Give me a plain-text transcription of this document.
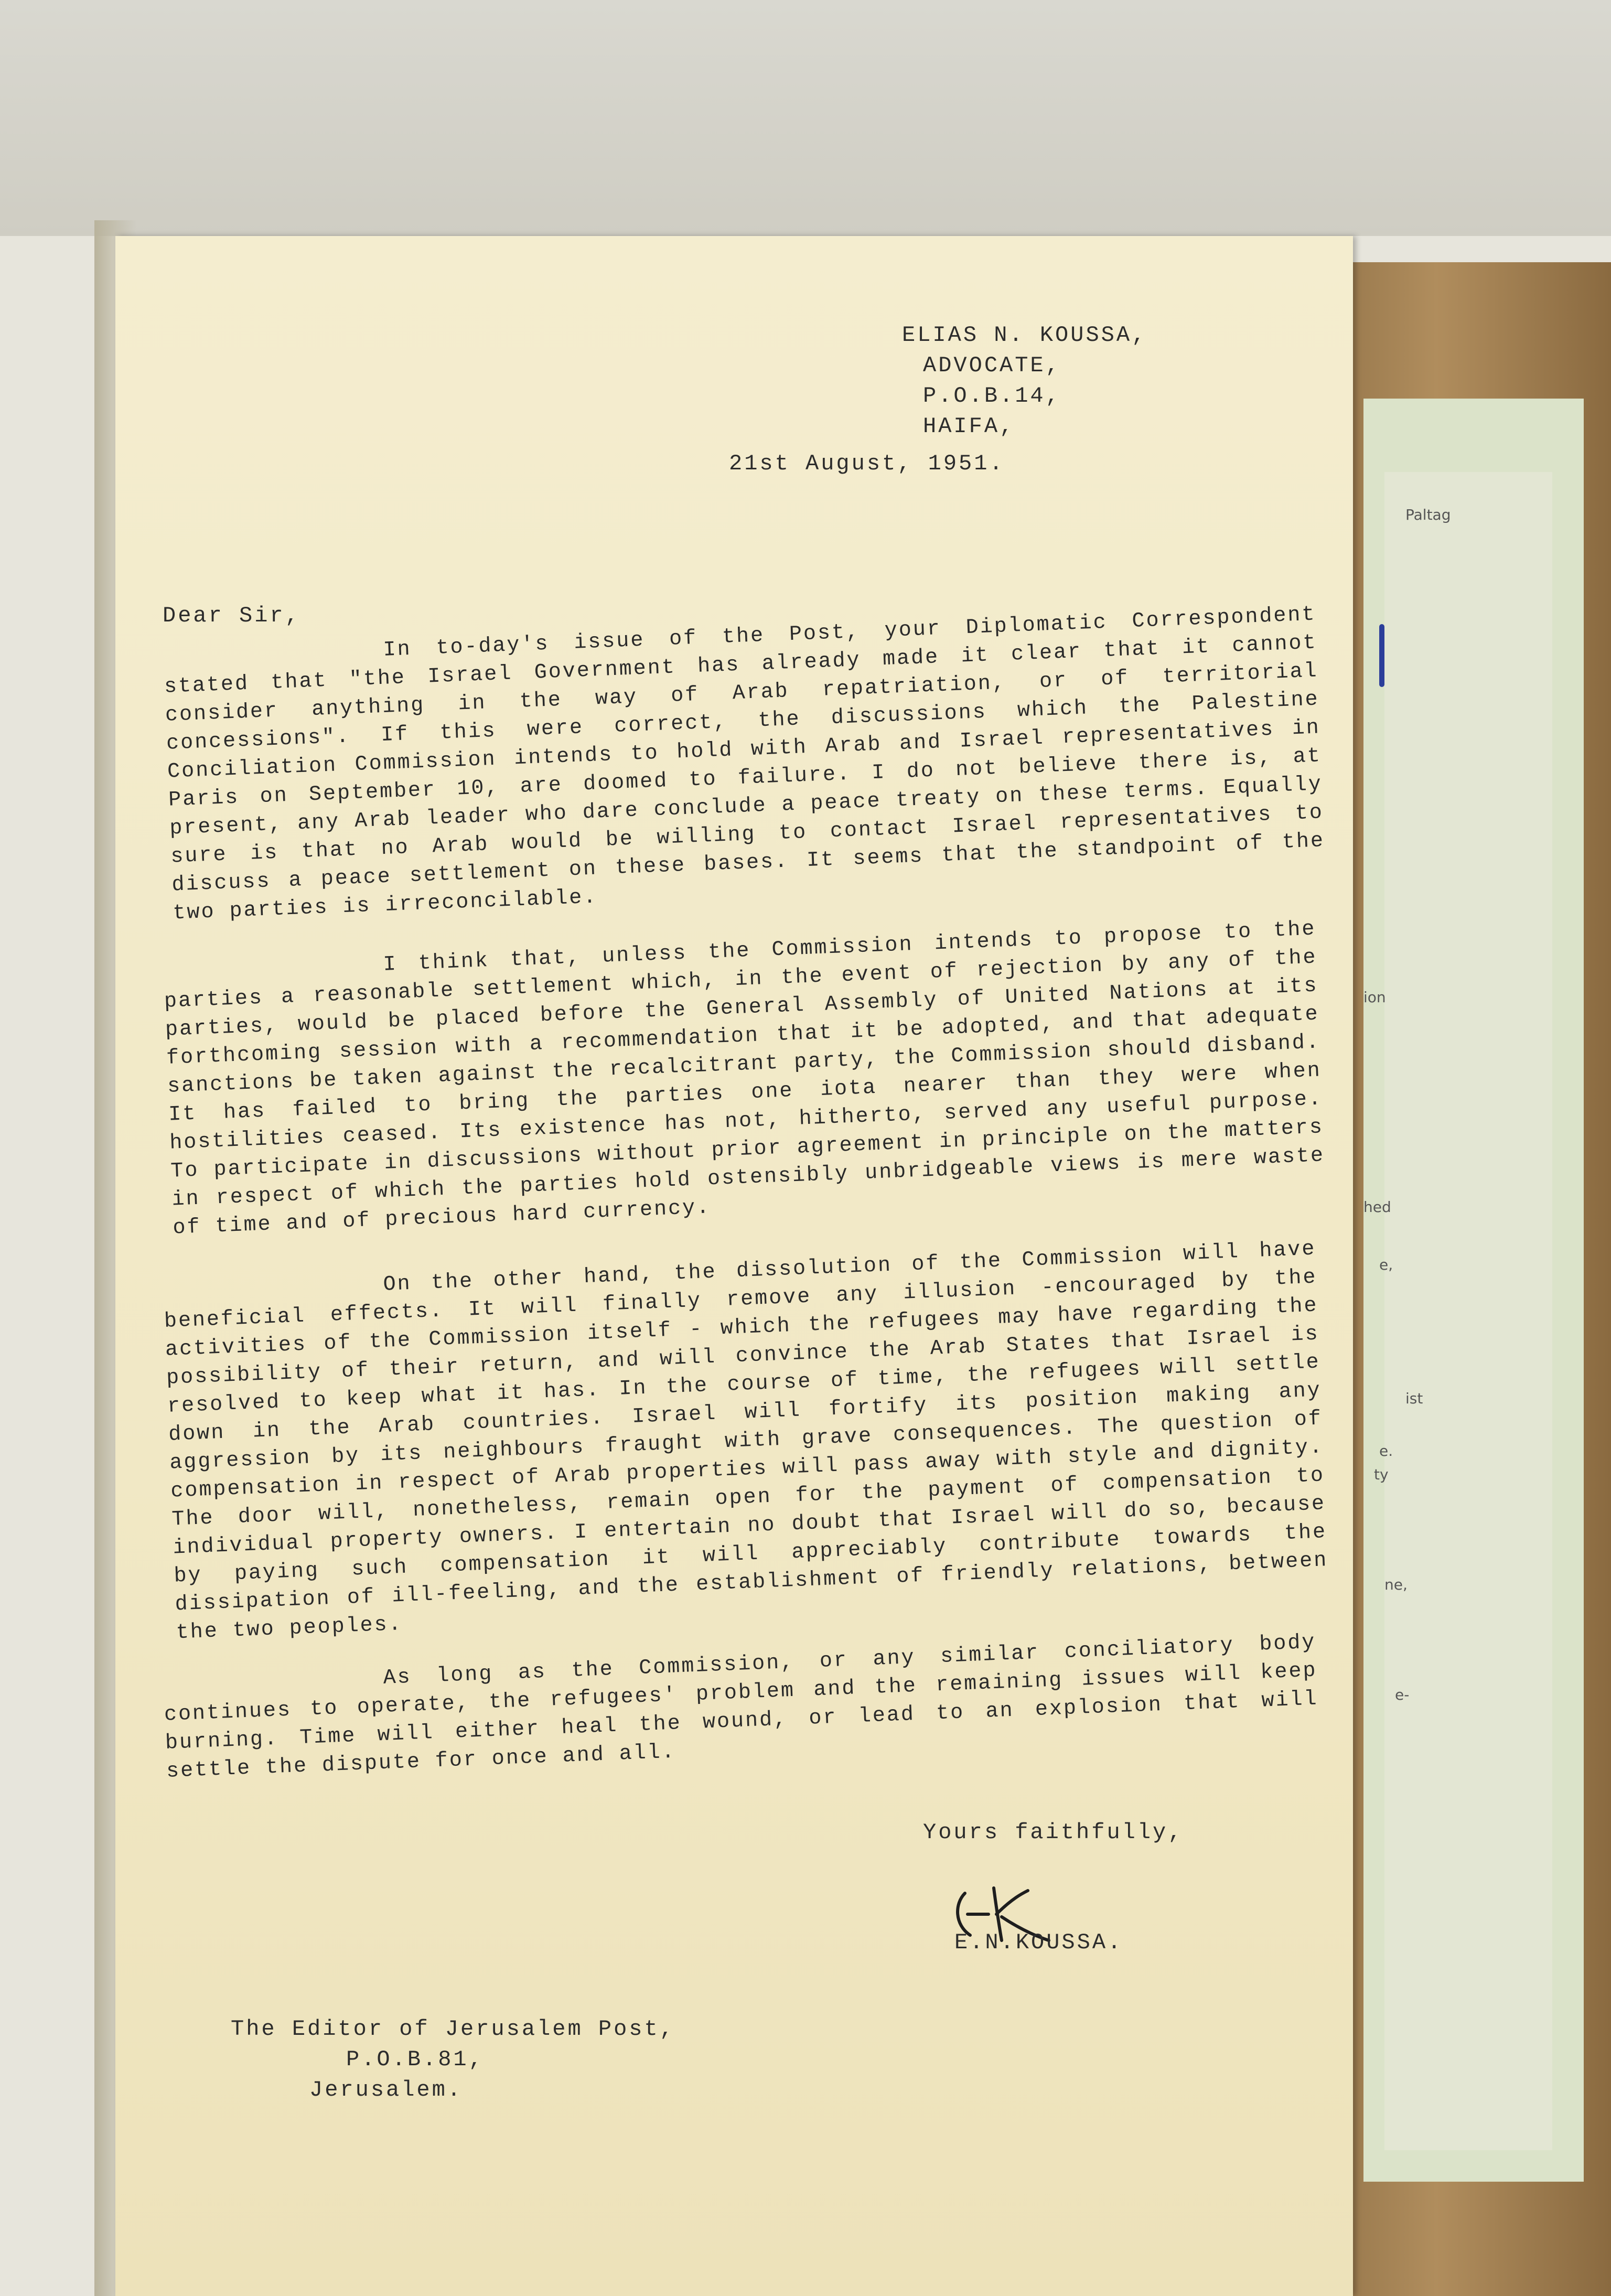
Paltag
ion
hed
e,
ist
e.
ty
ne,
e-
ELIAS N. KOUSSA,
ADVOCATE,
P.O.B.14,
HAIFA,
21st August, 1951.
Dear Sir,	In to-day's issue of the Post, your Diplomatic Correspondent stated that "the Israel Government has already made it clear that it cannot consider anything in the way of Arab repatriation, or of territorial concessions". If this were correct, the discussions which the Palestine Conciliation Commission intends to hold with Arab and Israel representatives in Paris on September 10, are doomed to failure. I do not believe there is, at present, any Arab leader who dare conclude a peace treaty on these terms. Equally sure is that no Arab would be willing to contact Israel representatives to discuss a peace settlement on these bases. It seems that the standpoint of the two parties is irreconcilable.

I think that, unless the Commission intends to propose to the parties a reasonable settlement which, in the event of rejection by any of the parties, would be placed before the General Assembly of United Nations at its forthcoming session with a recommendation that it be adopted, and that adequate sanctions be taken against the recalcitrant party, the Commission should disband. It has failed to bring the parties one iota nearer than they were when hostilities ceased. Its existence has not, hitherto, served any useful purpose. To participate in discussions without prior agreement in principle on the matters in respect of which the parties hold ostensibly unbridgeable views is mere waste of time and of precious hard currency.

On the other hand, the dissolution of the Commission will have beneficial effects. It will finally remove any illusion -encouraged by the activities of the Commission itself - which the refugees may have regarding the possibility of their return, and will convince the Arab States that Israel is resolved to keep what it has. In the course of time, the refugees will settle down in the Arab countries. Israel will fortify its position making any aggression by its neighbours fraught with grave consequences. The question of compensation in respect of Arab properties will pass away with style and dignity. The door will, nonetheless, remain open for the payment of compensation to individual property owners. I entertain no doubt that Israel will do so, because by paying such compensation it will appreciably contribute towards the dissipation of ill-feeling, and the establishment of friendly relations, between the two peoples.

As long as the Commission, or any similar conciliatory body continues to operate, the refugees' problem and the remaining issues will keep burning. Time will either heal the wound, or lead to an explosion that will settle the dispute for once and all.

Yours faithfully,
E.N.KOUSSA.
The Editor of Jerusalem Post,
P.O.B.81,
Jerusalem.
